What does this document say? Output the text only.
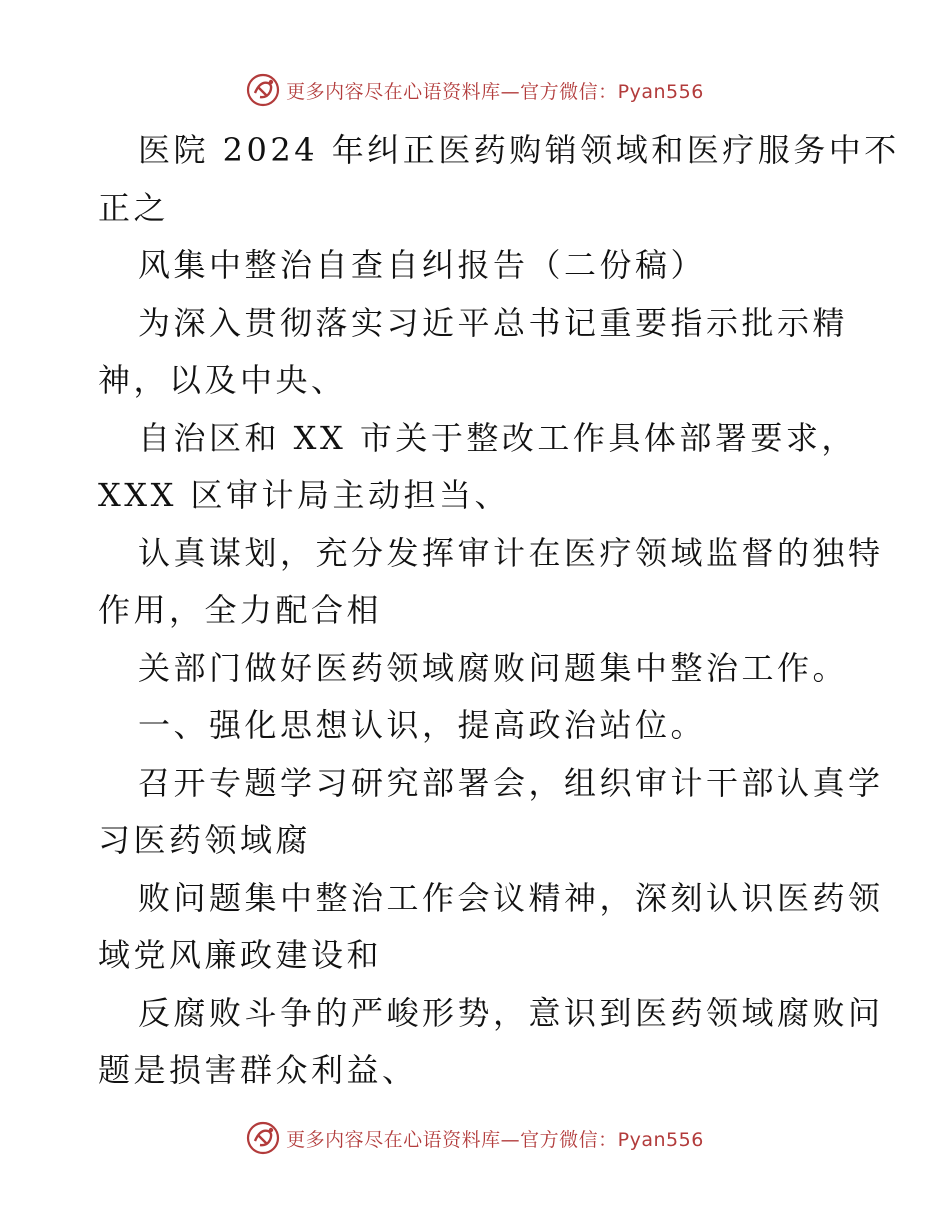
更多内容尽在心语资料库—官方微信：Pyan556
医院 2024 年纠正医药购销领域和医疗服务中不
正之
风集中整治自查自纠报告（二份稿）
为深入贯彻落实习近平总书记重要指示批示精
神，以及中央、
自治区和 XX 市关于整改工作具体部署要求，
XXX 区审计局主动担当、
认真谋划，充分发挥审计在医疗领域监督的独特
作用，全力配合相
关部门做好医药领域腐败问题集中整治工作。
一、强化思想认识，提高政治站位。
召开专题学习研究部署会，组织审计干部认真学
习医药领域腐
败问题集中整治工作会议精神，深刻认识医药领
域党风廉政建设和
反腐败斗争的严峻形势，意识到医药领域腐败问
题是损害群众利益、
更多内容尽在心语资料库—官方微信：Pyan556
